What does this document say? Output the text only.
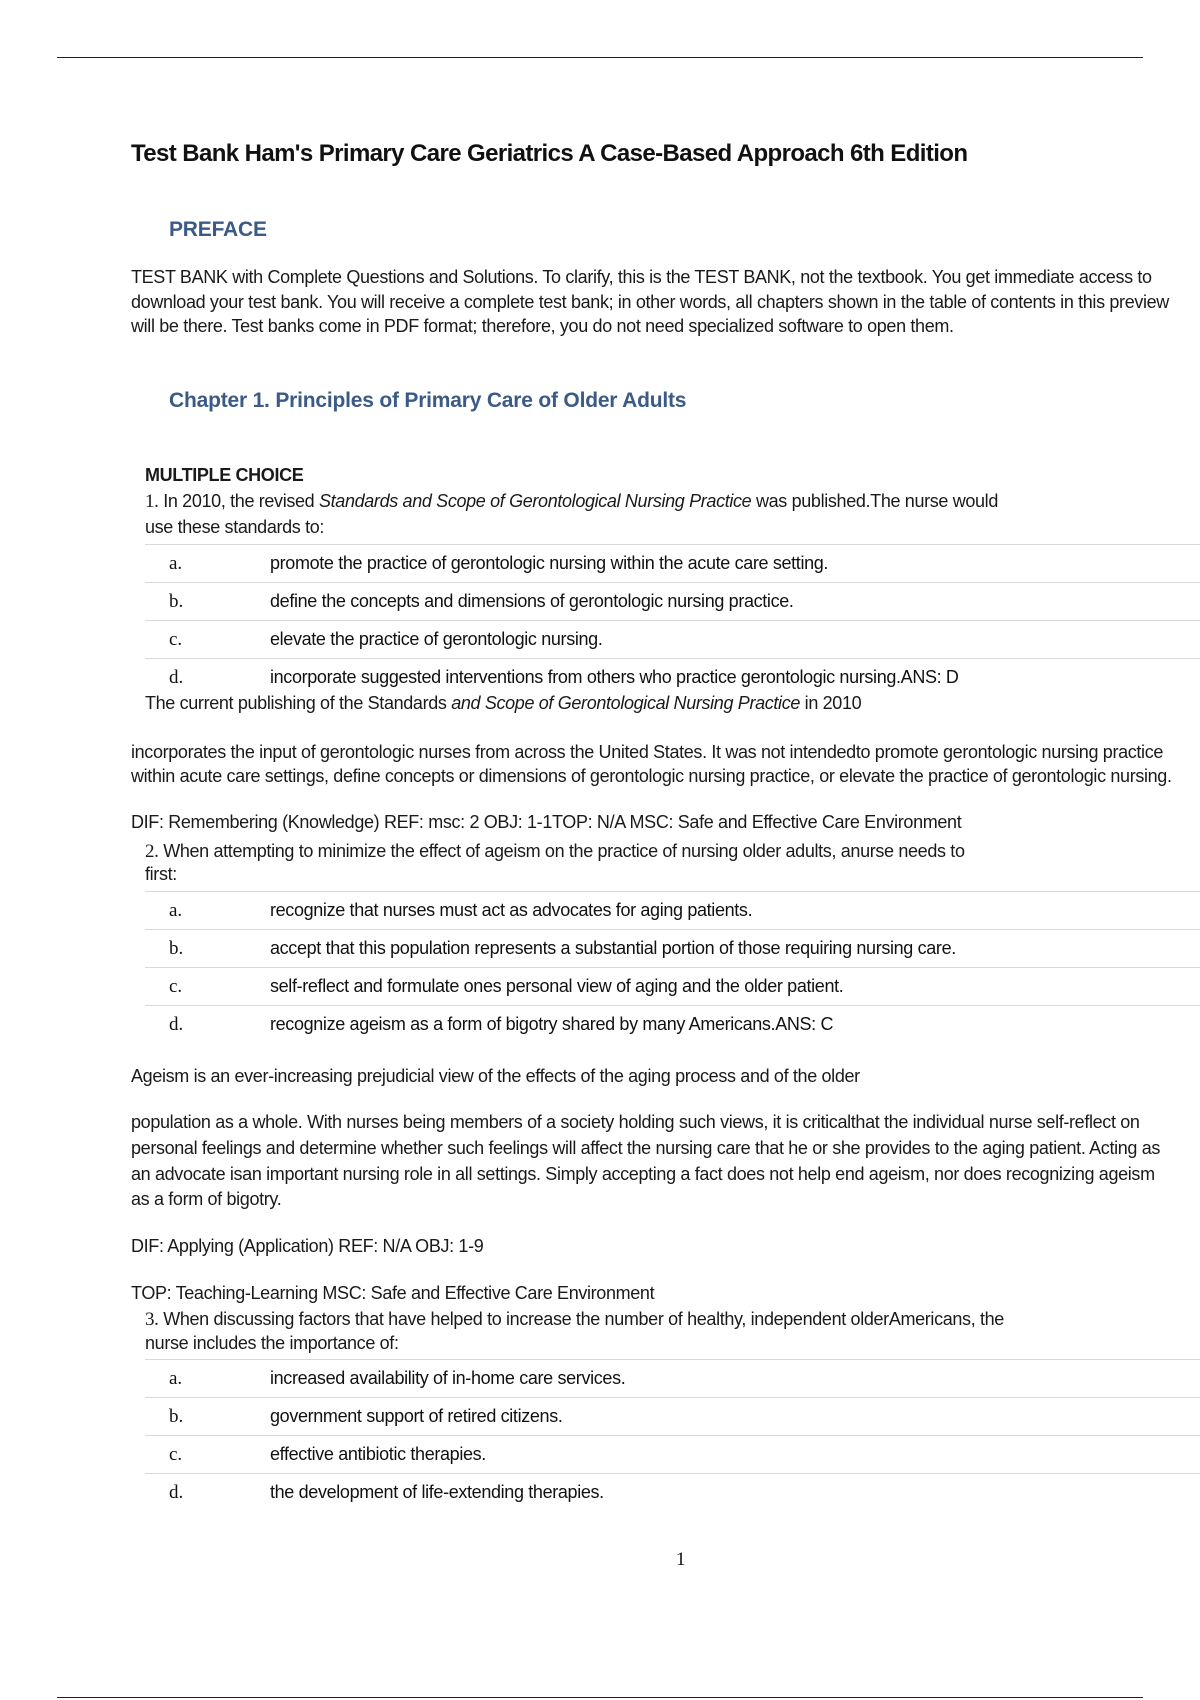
Test Bank Ham's Primary Care Geriatrics A Case-Based Approach 6th Edition
PREFACE
TEST BANK with Complete Questions and Solutions. To clarify, this is the TEST BANK, not the textbook. You get immediate access to
download your test bank. You will receive a complete test bank; in other words, all chapters shown in the table of contents in this preview
will be there. Test banks come in PDF format; therefore, you do not need specialized software to open them.
Chapter 1. Principles of Primary Care of Older Adults
MULTIPLE CHOICE
1. In 2010, the revised Standards and Scope of Gerontological Nursing Practice was published.The nurse would
use these standards to:
a.	promote the practice of gerontologic nursing within the acute care setting.
b.	define the concepts and dimensions of gerontologic nursing practice.
c.	elevate the practice of gerontologic nursing.
d.	incorporate suggested interventions from others who practice gerontologic nursing.ANS: D
The current publishing of the Standards and Scope of Gerontological Nursing Practice in 2010
incorporates the input of gerontologic nurses from across the United States. It was not intendedto promote gerontologic nursing practice
within acute care settings, define concepts or dimensions of gerontologic nursing practice, or elevate the practice of gerontologic nursing.
DIF: Remembering (Knowledge) REF: msc: 2 OBJ: 1-1TOP: N/A MSC: Safe and Effective Care Environment
2. When attempting to minimize the effect of ageism on the practice of nursing older adults, anurse needs to
first:
a.	recognize that nurses must act as advocates for aging patients.
b.	accept that this population represents a substantial portion of those requiring nursing care.
c.	self-reflect and formulate ones personal view of aging and the older patient.
d.	recognize ageism as a form of bigotry shared by many Americans.ANS: C
Ageism is an ever-increasing prejudicial view of the effects of the aging process and of the older
population as a whole. With nurses being members of a society holding such views, it is criticalthat the individual nurse self-reflect on
personal feelings and determine whether such feelings will affect the nursing care that he or she provides to the aging patient. Acting as
an advocate isan important nursing role in all settings. Simply accepting a fact does not help end ageism, nor does recognizing ageism
as a form of bigotry.
DIF: Applying (Application) REF: N/A OBJ: 1-9
TOP: Teaching-Learning MSC: Safe and Effective Care Environment
3. When discussing factors that have helped to increase the number of healthy, independent olderAmericans, the
nurse includes the importance of:
a.	increased availability of in-home care services.
b.	government support of retired citizens.
c.	effective antibiotic therapies.
d.	the development of life-extending therapies.
1
